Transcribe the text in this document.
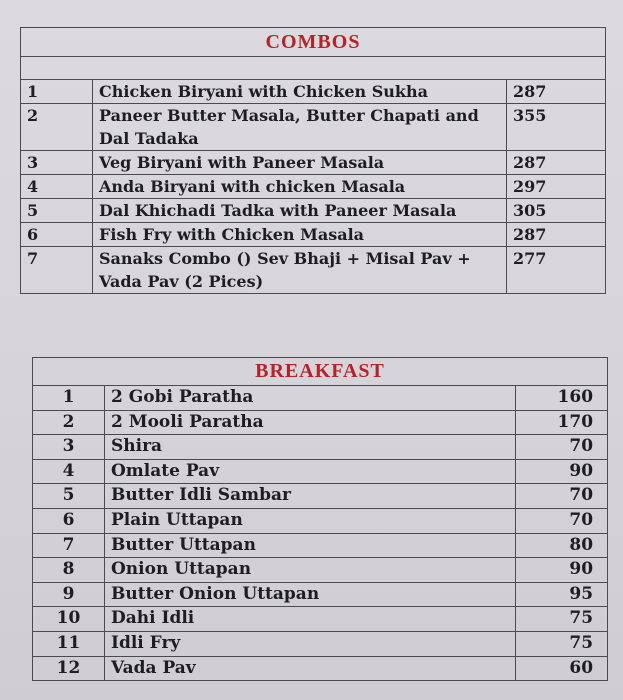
COMBOS		

1	Chicken Biryani with Chicken Sukha	287
2	Paneer Butter Masala, Butter Chapati and Dal Tadaka	355
3	Veg Biryani with Paneer Masala	287
4	Anda Biryani with chicken Masala	297
5	Dal Khichadi Tadka with Paneer Masala	305
6	Fish Fry with Chicken Masala	287
7	Sanaks Combo () Sev Bhaji + Misal Pav + Vada Pav (2 Pices)	277
BREAKFAST		
1	2 Gobi Paratha	160
2	2 Mooli Paratha	170
3	Shira	70
4	Omlate Pav	90
5	Butter Idli Sambar	70
6	Plain Uttapan	70
7	Butter Uttapan	80
8	Onion Uttapan	90
9	Butter Onion Uttapan	95
10	Dahi Idli	75
11	Idli Fry	75
12	Vada Pav	60
